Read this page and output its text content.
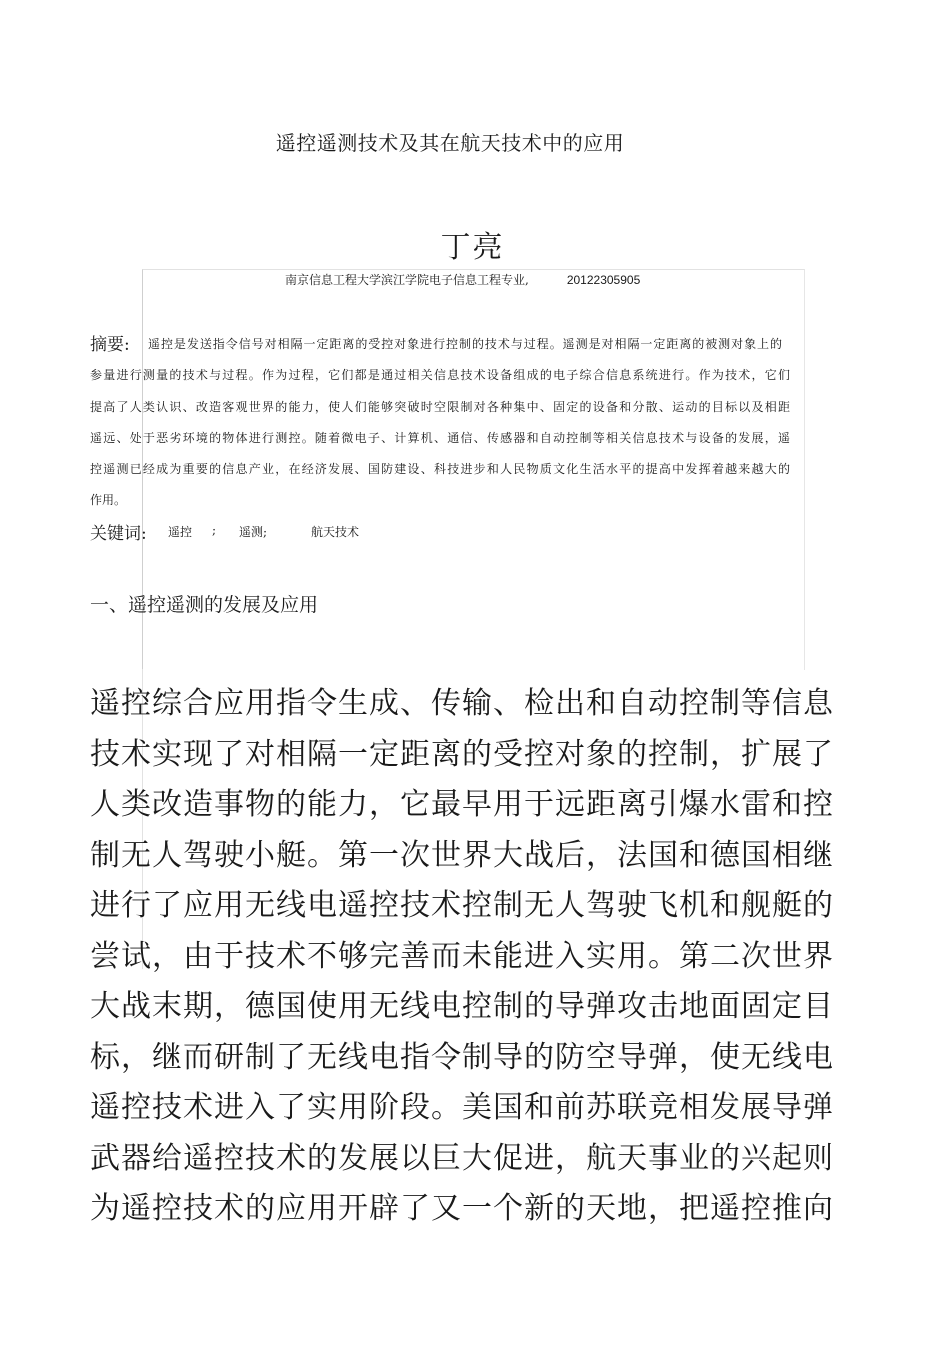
遥控遥测技术及其在航天技术中的应用
丁亮
南京信息工程大学滨江学院电子信息工程专业,	20122305905
摘要: 遥控是发送指令信号对相隔一定距离的受控对象进行控制的技术与过程。遥测是对相隔一定距离的被测对象上的
参量进行测量的技术与过程。作为过程，它们都是通过相关信息技术设备组成的电子综合信息系统进行。作为技术，它们
提高了人类认识、改造客观世界的能力，使人们能够突破时空限制对各种集中、固定的设备和分散、运动的目标以及相距
遥远、处于恶劣环境的物体进行测控。随着微电子、计算机、通信、传感器和自动控制等相关信息技术与设备的发展，遥
控遥测已经成为重要的信息产业，在经济发展、国防建设、科技进步和人民物质文化生活水平的提高中发挥着越来越大的
作用。
关键词: 遥控 ; 遥测;	航天技术
一、遥控遥测的发展及应用
遥控综合应用指令生成、传输、检出和自动控制等信息
技术实现了对相隔一定距离的受控对象的控制，扩展了
人类改造事物的能力，它最早用于远距离引爆水雷和控
制无人驾驶小艇。第一次世界大战后，法国和德国相继
进行了应用无线电遥控技术控制无人驾驶飞机和舰艇的
尝试，由于技术不够完善而未能进入实用。第二次世界
大战末期，德国使用无线电控制的导弹攻击地面固定目
标，继而研制了无线电指令制导的防空导弹，使无线电
遥控技术进入了实用阶段。美国和前苏联竞相发展导弹
武器给遥控技术的发展以巨大促进，航天事业的兴起则
为遥控技术的应用开辟了又一个新的天地，把遥控推向
